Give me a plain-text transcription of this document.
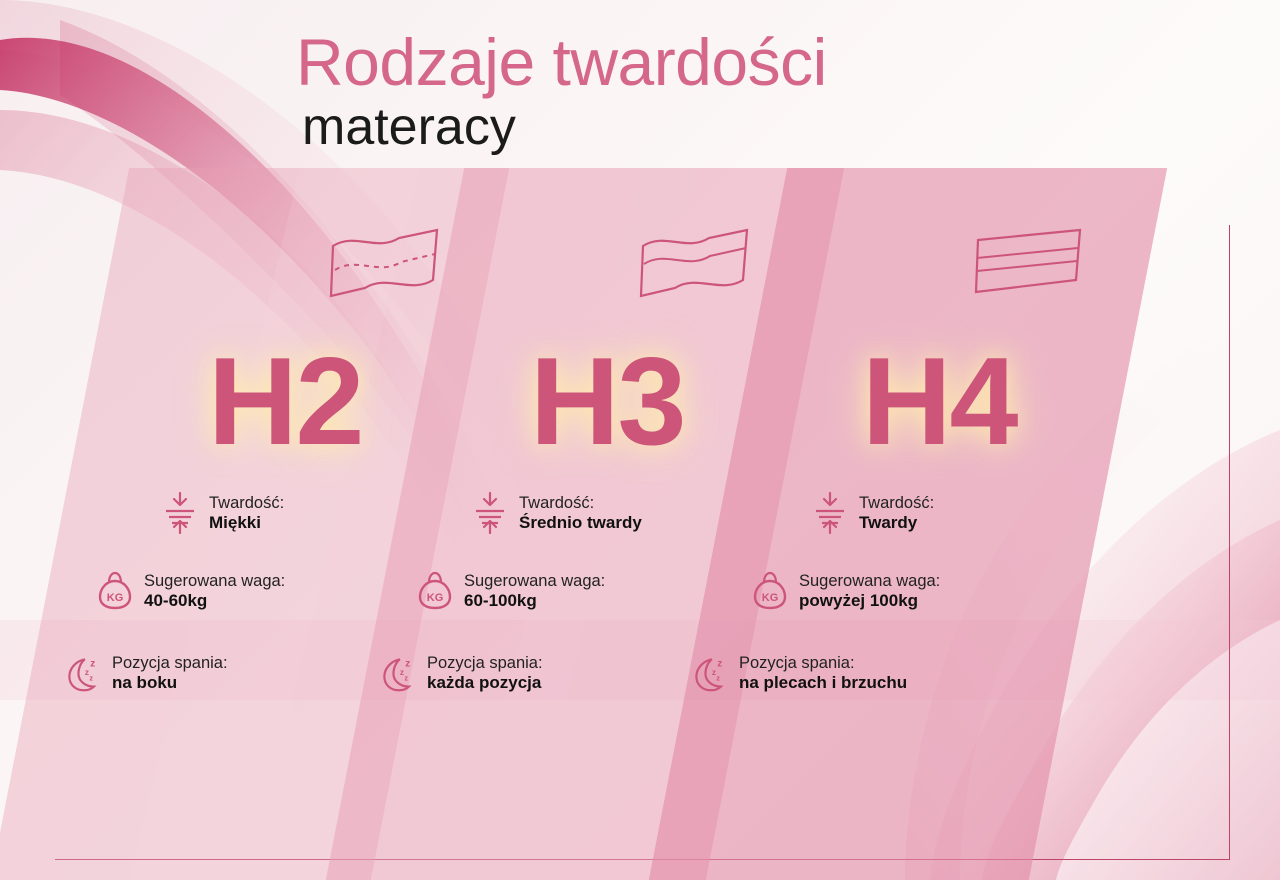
Rodzaje twardości
materacy
H2
Twardość:
Miękki
KG
Sugerowana waga:
40-60kg
z
z
z
Pozycja spania:
na boku
H3
Twardość:
Średnio twardy
KG
Sugerowana waga:
60-100kg
z
z
z
Pozycja spania:
każda pozycja
H4
Twardość:
Twardy
KG
Sugerowana waga:
powyżej 100kg
z
z
z
Pozycja spania:
na plecach i brzuchu
